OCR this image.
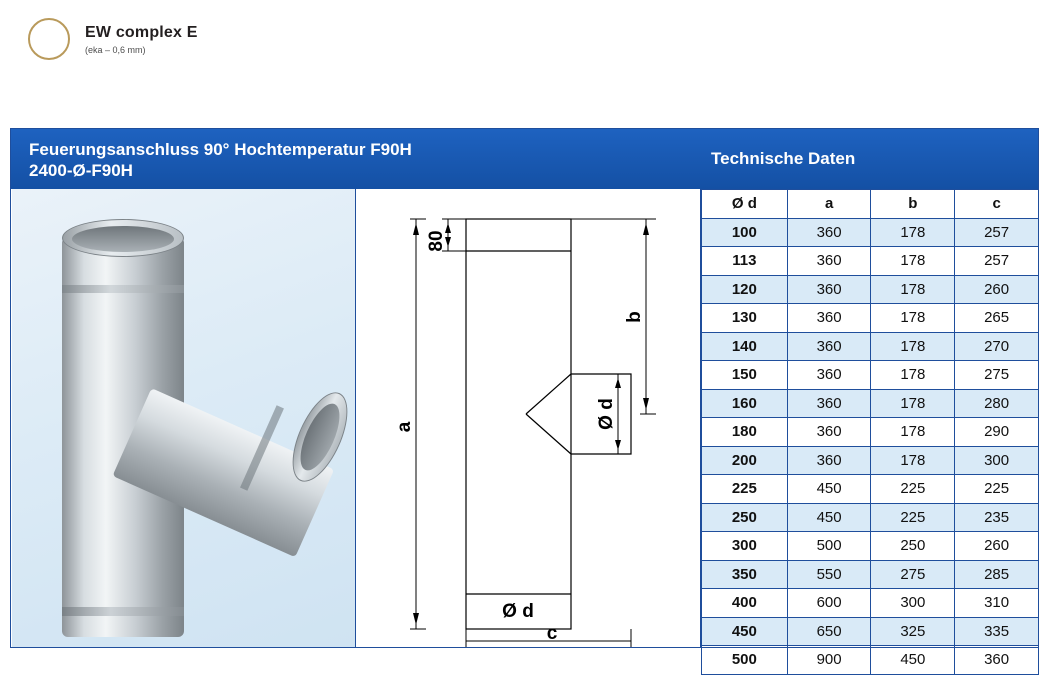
EW complex E
(eka – 0,6 mm)
Feuerungsanschluss 90° Hochtemperatur F90H
2400-Ø-F90H
Technische Daten
80
a
b
Ø d
Ø d
c
Ø d	a	b	c
100	360	178	257
113	360	178	257
120	360	178	260
130	360	178	265
140	360	178	270
150	360	178	275
160	360	178	280
180	360	178	290
200	360	178	300
225	450	225	225
250	450	225	235
300	500	250	260
350	550	275	285
400	600	300	310
450	650	325	335
500	900	450	360
